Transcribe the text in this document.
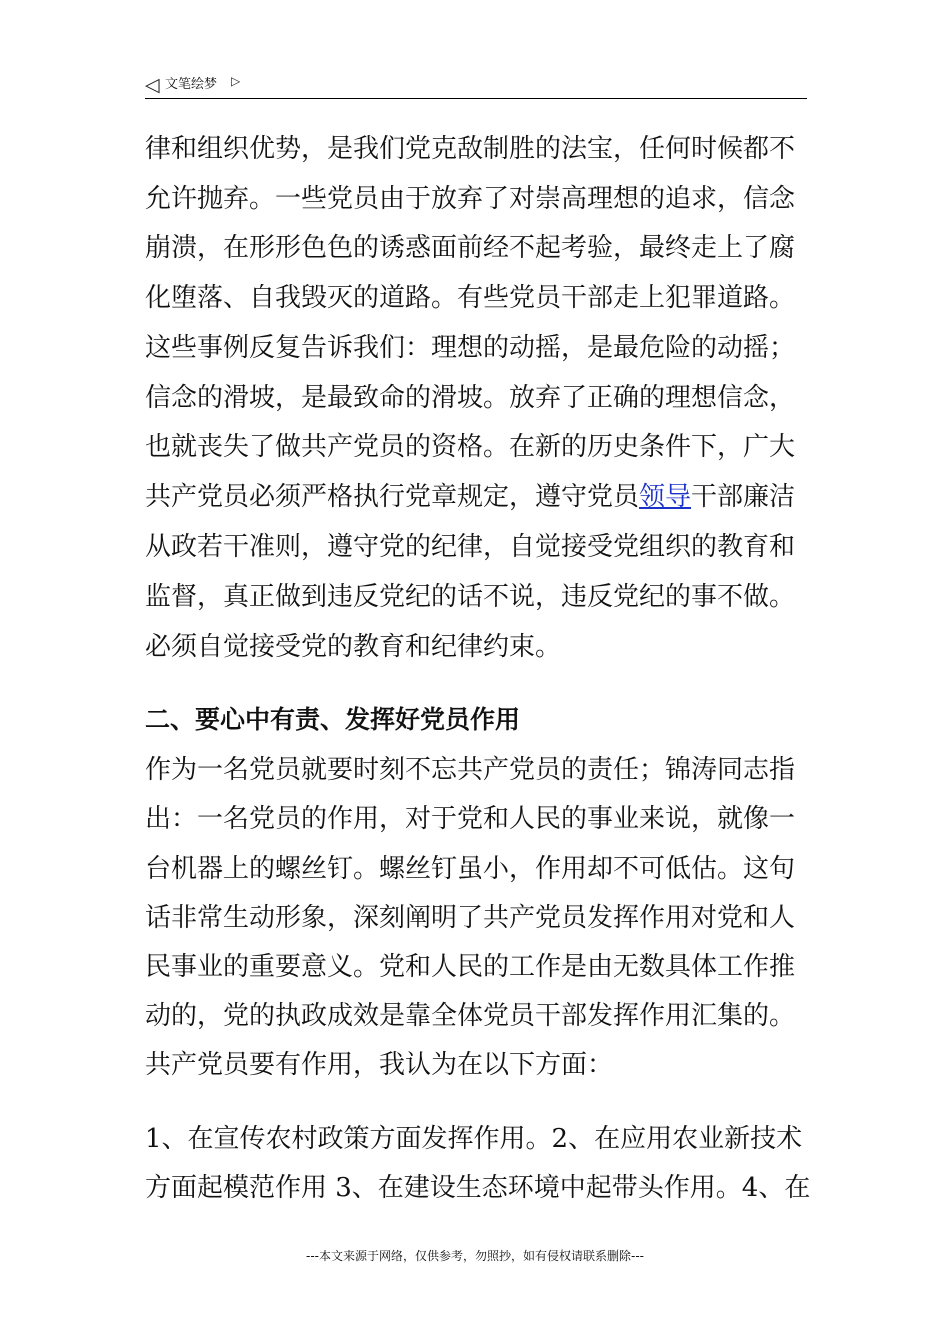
◁ 文笔绘梦 ▷
律和组织优势，是我们党克敌制胜的法宝，任何时候都不
允许抛弃。一些党员由于放弃了对崇高理想的追求，信念
崩溃，在形形色色的诱惑面前经不起考验，最终走上了腐
化堕落、自我毁灭的道路。有些党员干部走上犯罪道路。
这些事例反复告诉我们：理想的动摇，是最危险的动摇；
信念的滑坡，是最致命的滑坡。放弃了正确的理想信念，
也就丧失了做共产党员的资格。在新的历史条件下，广大
共产党员必须严格执行党章规定，遵守党员领导干部廉洁
从政若干准则，遵守党的纪律，自觉接受党组织的教育和
监督，真正做到违反党纪的话不说，违反党纪的事不做。
必须自觉接受党的教育和纪律约束。
二、要心中有责、发挥好党员作用
作为一名党员就要时刻不忘共产党员的责任；锦涛同志指
出：一名党员的作用，对于党和人民的事业来说，就像一
台机器上的螺丝钉。螺丝钉虽小，作用却不可低估。这句
话非常生动形象，深刻阐明了共产党员发挥作用对党和人
民事业的重要意义。党和人民的工作是由无数具体工作推
动的，党的执政成效是靠全体党员干部发挥作用汇集的。
共产党员要有作用，我认为在以下方面：
1、在宣传农村政策方面发挥作用。2、在应用农业新技术
方面起模范作用 3、在建设生态环境中起带头作用。4、在
---本文来源于网络，仅供参考，勿照抄，如有侵权请联系删除---
